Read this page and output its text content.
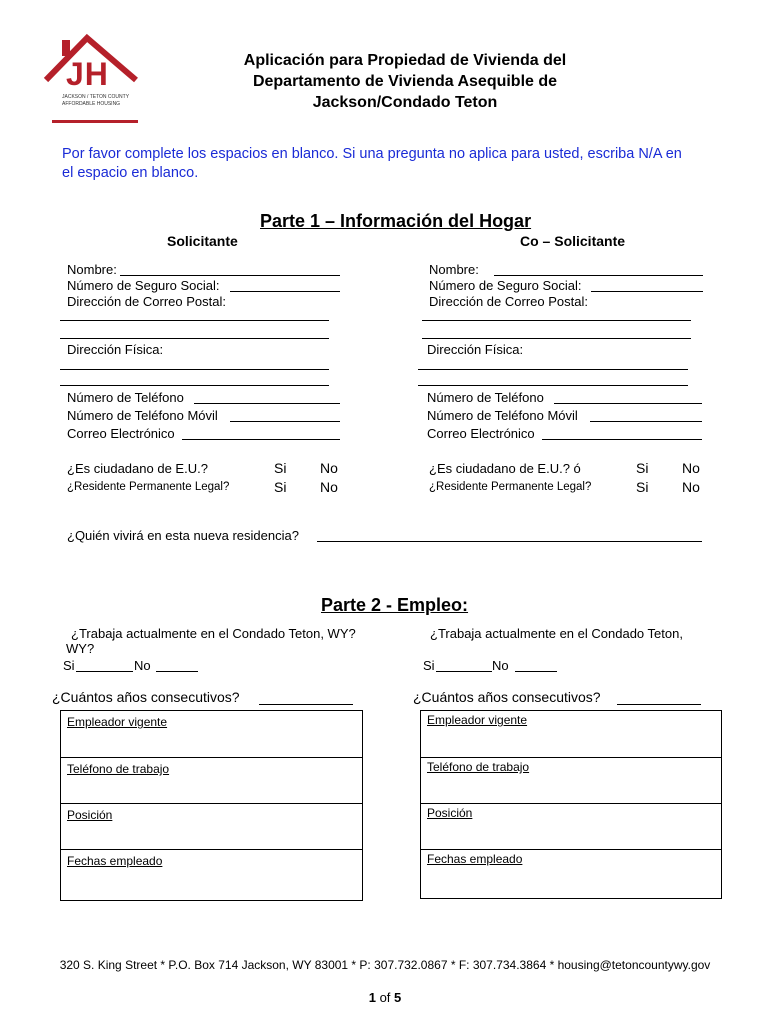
JH
JACKSON / TETON COUNTY
AFFORDABLE HOUSING
Aplicación para Propiedad de Vivienda del
Departamento de Vivienda Asequible de
Jackson/Condado Teton
Por favor complete los espacios en blanco. Si una pregunta no aplica para usted, escriba N/A en
el espacio en blanco.
Parte 1 – Información del Hogar
Solicitante	Co – Solicitante
Nombre:
Número de Seguro Social:
Dirección de Correo Postal:
Dirección Física:
Número de Teléfono
Número de Teléfono Móvil
Correo Electrónico
¿Es ciudadano de E.U.?	Si No
¿Residente Permanente Legal?	Si No
Nombre:
Número de Seguro Social:
Dirección de Correo Postal:
Dirección Física:
Número de Teléfono
Número de Teléfono Móvil
Correo Electrónico
¿Es ciudadano de E.U.? ó	Si No
¿Residente Permanente Legal?	Si No
¿Quién vivirá en esta nueva residencia?
Parte 2 - Empleo:
¿Trabaja actualmente en el Condado Teton, WY?
WY?
Si	No
¿Trabaja actualmente en el Condado Teton,
Si	No
¿Cuántos años consecutivos?	¿Cuántos años consecutivos?
Empleador vigente
Teléfono de trabajo
Posición
Fechas empleado
Empleador vigente
Teléfono de trabajo
Posición
Fechas empleado
320 S. King Street * P.O. Box 714 Jackson, WY 83001 * P: 307.732.0867 * F: 307.734.3864 * housing@tetoncountywy.gov
1 of 5
